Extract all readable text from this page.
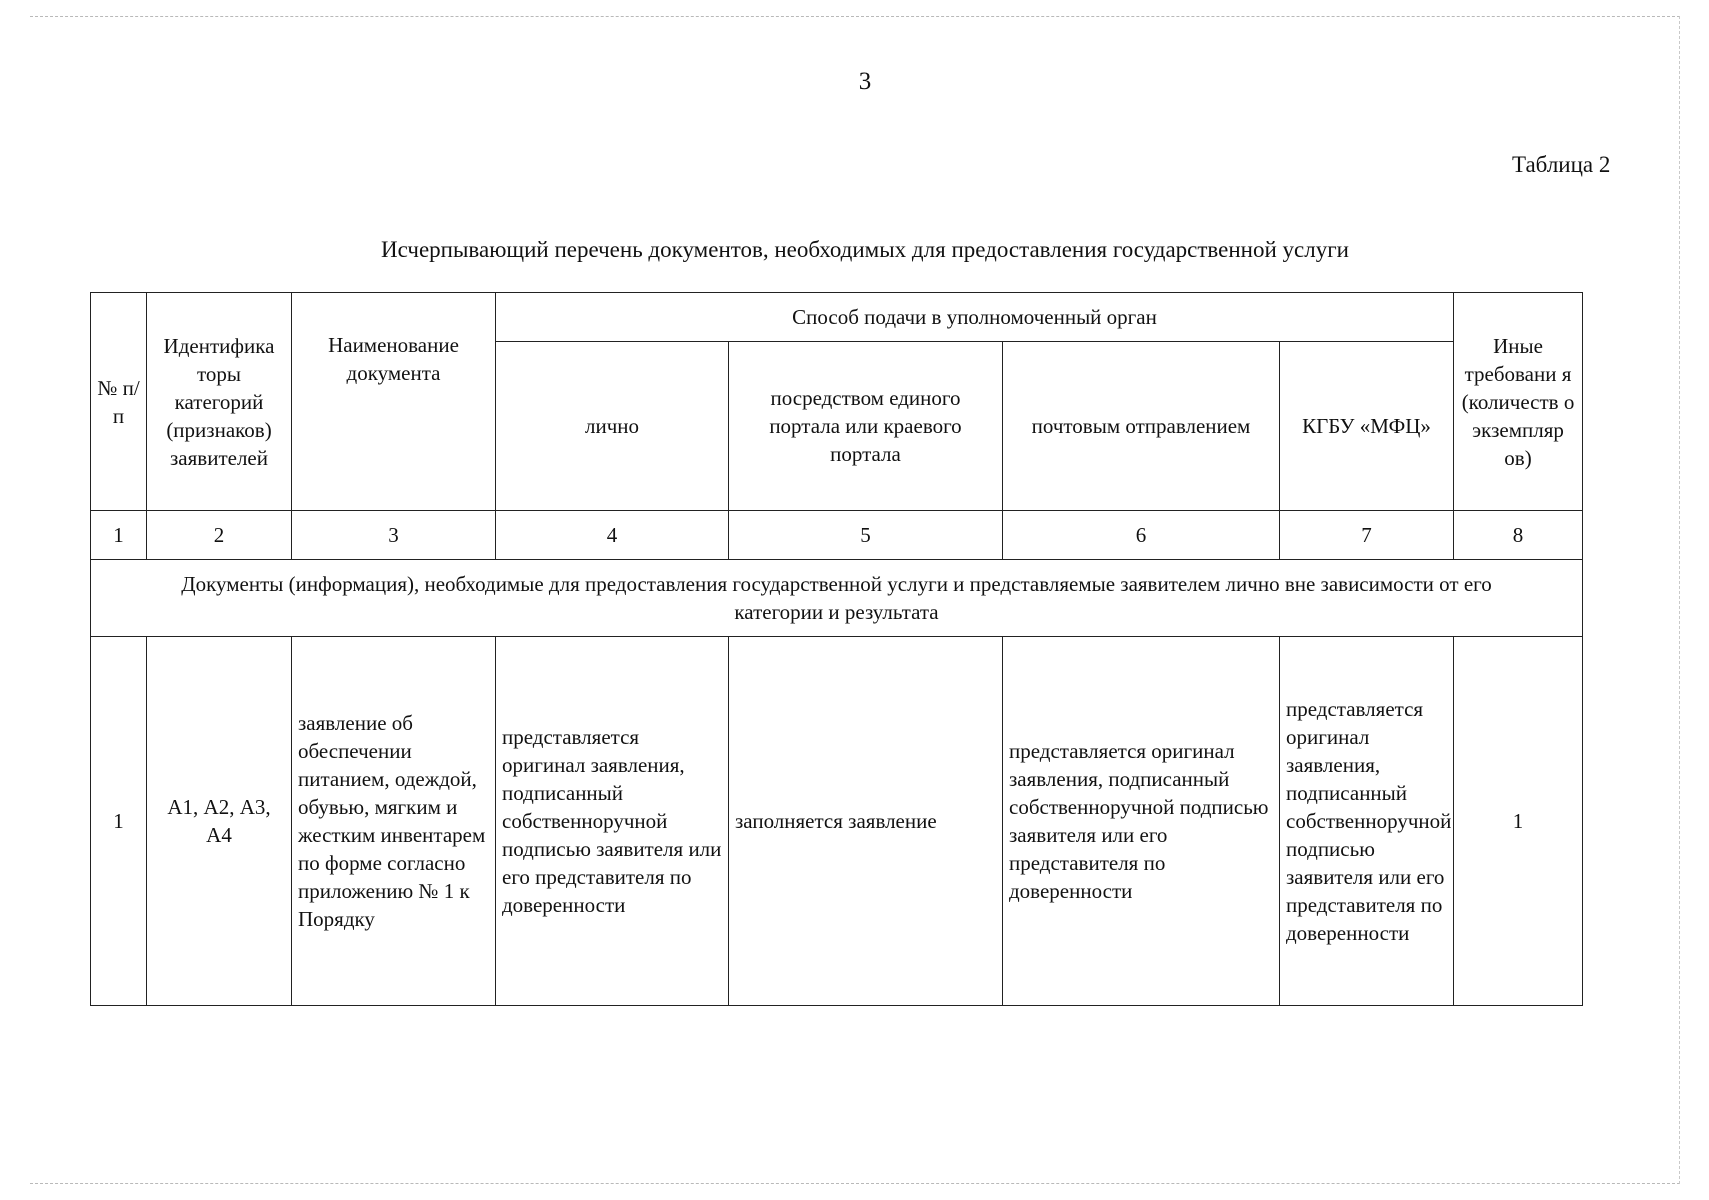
3
Таблица 2
Исчерпывающий перечень документов, необходимых для предоставления государственной услуги
№ п/п	Идентифика торы категорий (признаков) заявителей	Наименование документа	Способ подачи в уполномоченный орган				Иные требовани я (количеств о экземпляр ов)
			лично	посредством единого портала или краевого портала	почтовым отправлением	КГБУ «МФЦ»	
1	2	3	4	5	6	7	8
Документы (информация), необходимые для предоставления государственной услуги и представляемые заявителем лично вне зависимости от его категории и результата							
1	А1, А2, А3, А4	заявление об обеспечении питанием, одеждой, обувью, мягким и жестким инвентарем по форме согласно приложению № 1 к Порядку	представляется оригинал заявления, подписанный собственноручной подписью заявителя или его представителя по доверенности	заполняется заявление	представляется оригинал заявления, подписанный собственноручной подписью заявителя или его представителя по доверенности	представляется оригинал заявления, подписанный собственноручной подписью заявителя или его представителя по доверенности	1
